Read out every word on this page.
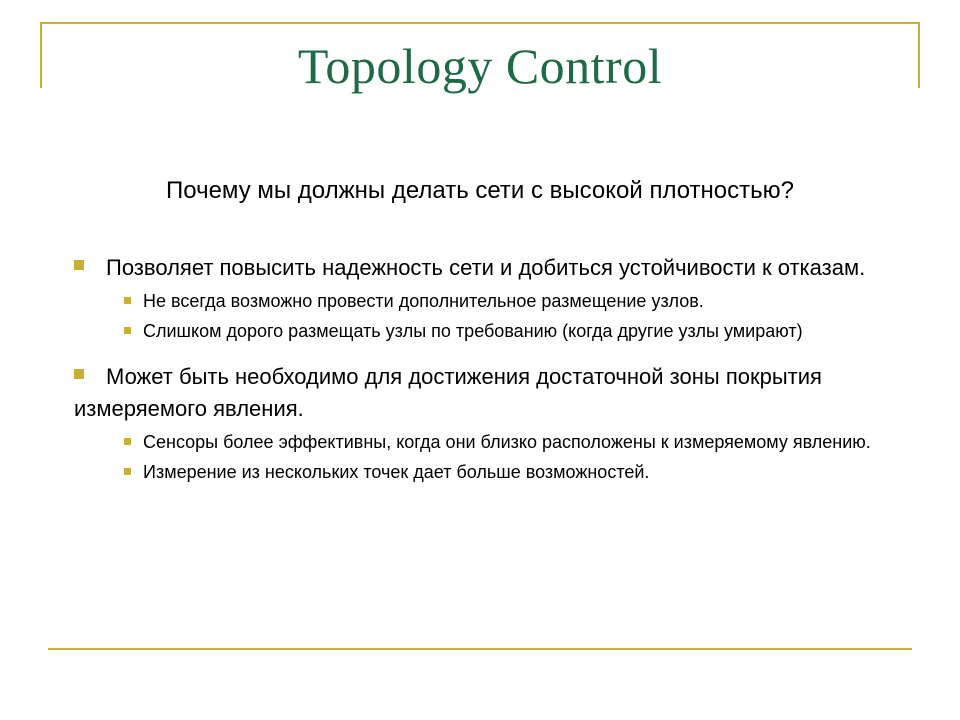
Topology Control
Почему мы должны делать сети с высокой плотностью?

Позволяет повысить надежность сети и добиться устойчивости к отказам.

Не всегда возможно провести дополнительное размещение узлов.

Слишком дорого размещать узлы по требованию (когда другие узлы умирают)

Может быть необходимо для достижения достаточной зоны покрытия измеряемого явления.

Сенсоры более эффективны, когда они близко расположены к измеряемому явлению.

Измерение из нескольких точек дает больше возможностей.
